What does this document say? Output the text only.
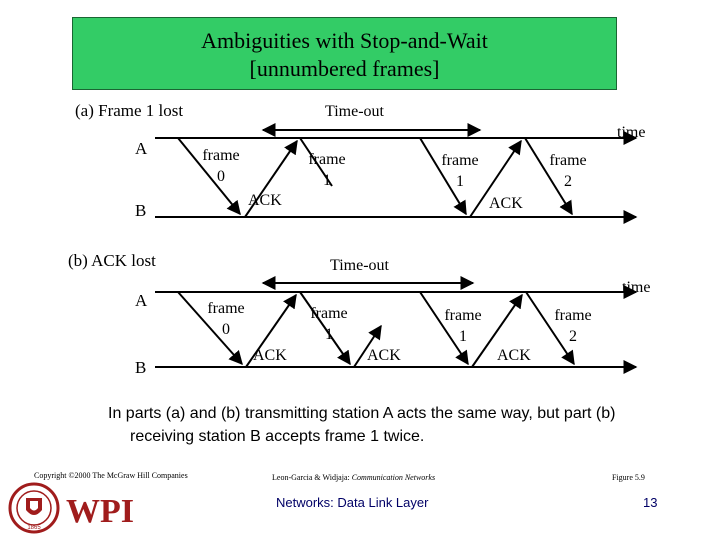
Ambiguities with Stop-and-Wait
[unnumbered frames]
(a) Frame 1 lost	Time-out
A
B
time
frame
0
frame
1
frame
1
frame
2
ACK	ACK
(b) ACK lost	Time-out
A
B
time
frame
0
frame
1
frame
1
frame
2
ACK	ACK	ACK
In parts (a) and (b) transmitting station A acts the same way, but part (b)
receiving station B accepts frame 1 twice.
Copyright ©2000 The McGraw Hill Companies	Leon-Garcia & Widjaja: Communication Networks	Figure 5.9
Networks: Data Link Layer	13
1865 WPI
